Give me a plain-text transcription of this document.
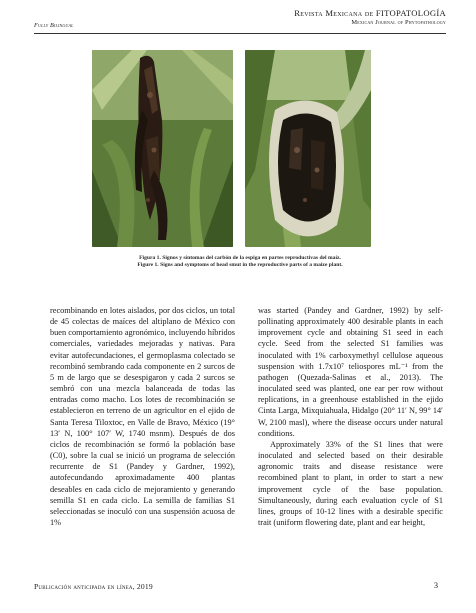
Fully Bilingual
Revista Mexicana de FITOPATOLOGÍA
Mexican Journal of Phytopathology
Figura 1. Signos y síntomas del carbón de la espiga en partes reproductivas del maíz.
Figure 1. Signs and symptoms of head smut in the reproductive parts of a maize plant.

recombinando en lotes aislados, por dos ciclos, un total de 45 colectas de maíces del altiplano de México con buen comportamiento agronómico, incluyendo híbridos comerciales, variedades mejoradas y nativas. Para evitar autofecundaciones, el germoplasma colectado se recombinó sembrando cada componente en 2 surcos de 5 m de largo que se desespigaron y cada 2 surcos se sembró con una mezcla balanceada de todas las entradas como macho. Los lotes de recombinación se establecieron en terreno de un agricultor en el ejido de Santa Teresa Tiloxtoc, en Valle de Bravo, México (19° 13′ N, 100° 107′ W, 1740 msnm). Después de dos ciclos de recombinación se formó la población base (C0), sobre la cual se inició un programa de selección recurrente de S1 (Pandey y Gardner, 1992), autofecundando aproximadamente 400 plantas deseables en cada ciclo de mejoramiento y generando semilla S1 en cada ciclo. La semilla de familias S1 seleccionadas se inoculó con una suspensión acuosa de 1%

was started (Pandey and Gardner, 1992) by self-pollinating approximately 400 desirable plants in each improvement cycle and obtaining S1 seed in each cycle. Seed from the selected S1 families was inoculated with 1% carboxymethyl cellulose aqueous suspension with 1.7x10⁷ teliospores mL⁻¹ from the pathogen (Quezada-Salinas et al., 2013). The inoculated seed was planted, one ear per row without replications, in a greenhouse established in the ejido Cinta Larga, Mixquiahuala, Hidalgo (20° 11′ N, 99° 14′ W, 2100 masl), where the disease occurs under natural conditions.

Approximately 33% of the S1 lines that were inoculated and selected based on their desirable agronomic traits and disease resistance were recombined plant to plant, in order to start a new improvement cycle of the base population. Simultaneously, during each evaluation cycle of S1 lines, groups of 10-12 lines with a desirable specific trait (uniform flowering date, plant and ear height,

Publicación anticipada en línea, 2019	3
